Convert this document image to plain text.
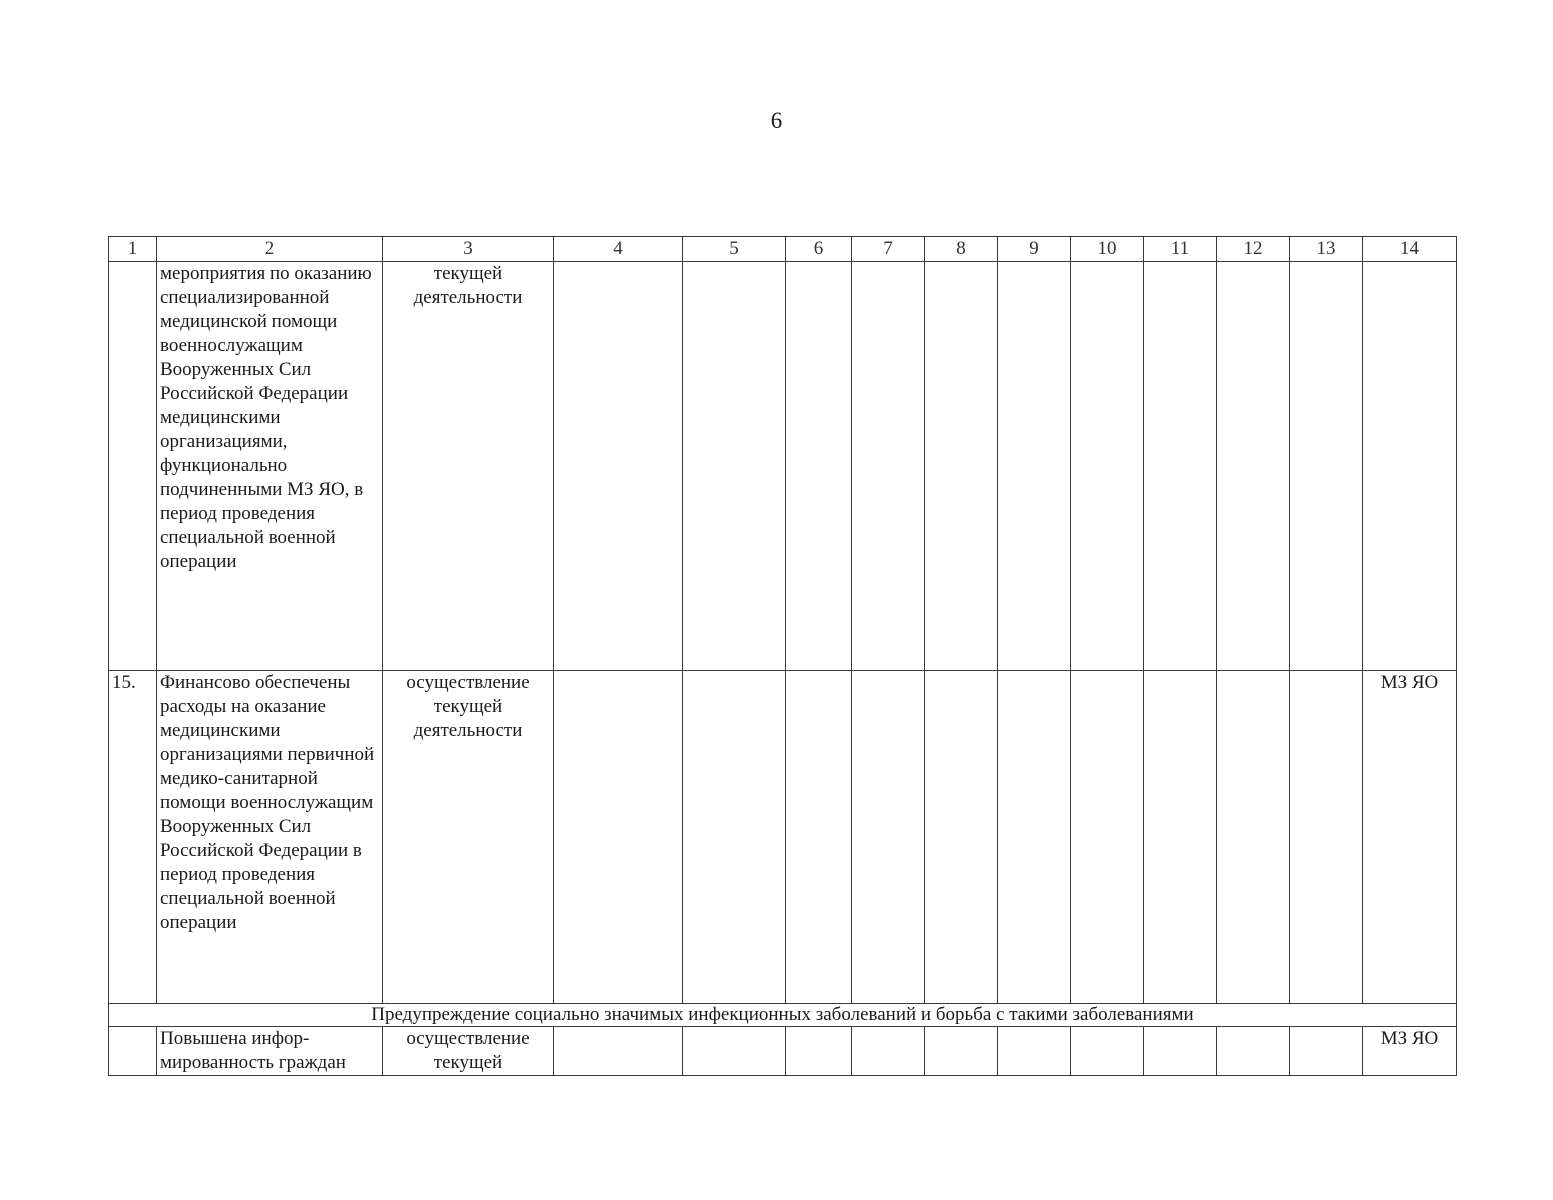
6
1	2	3	4	5	6	7	8	9	10	11	12	13	14
	мероприятия по оказанию специализированной медицинской помощи военнослужащим Вооруженных Сил Российской Федерации медицинскими организациями, функционально подчиненными МЗ ЯО, в период проведения специальной военной операции	текущей деятельности											
15.	Финансово обеспечены расходы на оказание медицинскими организациями первичной медико-санитарной помощи военнослужащим Вооруженных Сил Российской Федерации в период проведения специальной военной операции	осуществление текущей деятельности											МЗ ЯО
Предупреждение социально значимых инфекционных заболеваний и борьба с такими заболеваниями													
	Повышена инфор-мированность граждан	осуществление текущей											МЗ ЯО
